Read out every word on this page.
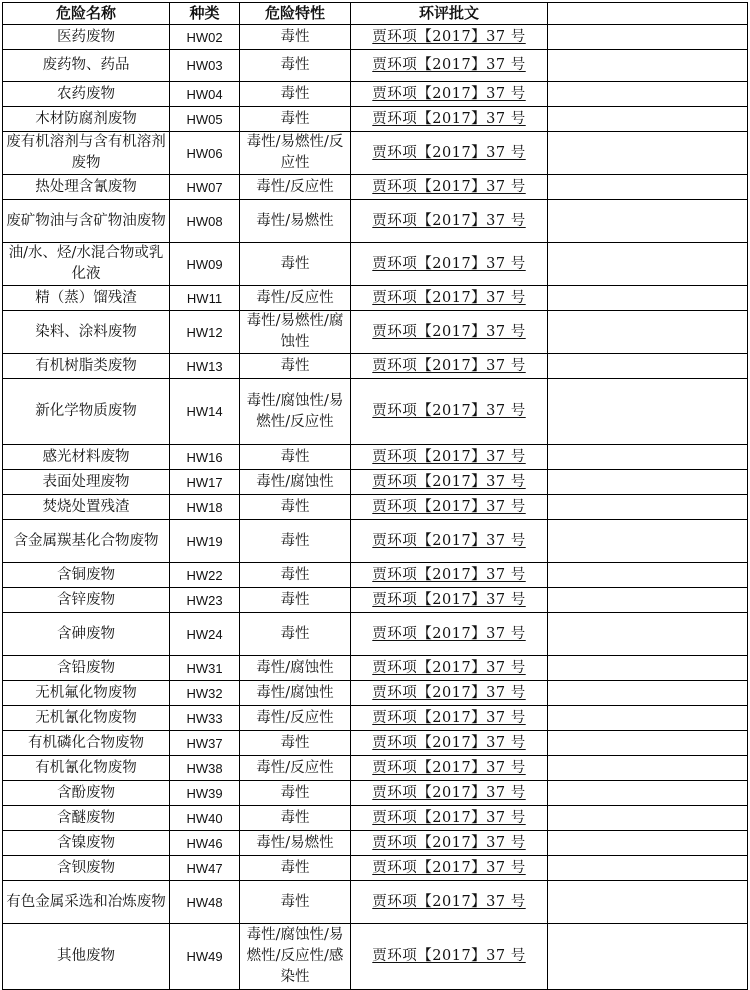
危险名称	种类	危险特性	环评批文	
医药废物	HW02	毒性	贾环项【2017】37 号	
废药物、药品	HW03	毒性	贾环项【2017】37 号	
农药废物	HW04	毒性	贾环项【2017】37 号	
木材防腐剂废物	HW05	毒性	贾环项【2017】37 号	
废有机溶剂与含有机溶剂废物	HW06	毒性/易燃性/反应性	贾环项【2017】37 号	
热处理含氰废物	HW07	毒性/反应性	贾环项【2017】37 号	
废矿物油与含矿物油废物	HW08	毒性/易燃性	贾环项【2017】37 号	
油/水、烃/水混合物或乳化液	HW09	毒性	贾环项【2017】37 号	
精（蒸）馏残渣	HW11	毒性/反应性	贾环项【2017】37 号	
染料、涂料废物	HW12	毒性/易燃性/腐蚀性	贾环项【2017】37 号	
有机树脂类废物	HW13	毒性	贾环项【2017】37 号	
新化学物质废物	HW14	毒性/腐蚀性/易燃性/反应性	贾环项【2017】37 号	
感光材料废物	HW16	毒性	贾环项【2017】37 号	
表面处理废物	HW17	毒性/腐蚀性	贾环项【2017】37 号	
焚烧处置残渣	HW18	毒性	贾环项【2017】37 号	
含金属羰基化合物废物	HW19	毒性	贾环项【2017】37 号	
含铜废物	HW22	毒性	贾环项【2017】37 号	
含锌废物	HW23	毒性	贾环项【2017】37 号	
含砷废物	HW24	毒性	贾环项【2017】37 号	
含铅废物	HW31	毒性/腐蚀性	贾环项【2017】37 号	
无机氟化物废物	HW32	毒性/腐蚀性	贾环项【2017】37 号	
无机氰化物废物	HW33	毒性/反应性	贾环项【2017】37 号	
有机磷化合物废物	HW37	毒性	贾环项【2017】37 号	
有机氰化物废物	HW38	毒性/反应性	贾环项【2017】37 号	
含酚废物	HW39	毒性	贾环项【2017】37 号	
含醚废物	HW40	毒性	贾环项【2017】37 号	
含镍废物	HW46	毒性/易燃性	贾环项【2017】37 号	
含钡废物	HW47	毒性	贾环项【2017】37 号	
有色金属采选和冶炼废物	HW48	毒性	贾环项【2017】37 号	
其他废物	HW49	毒性/腐蚀性/易燃性/反应性/感染性	贾环项【2017】37 号	
